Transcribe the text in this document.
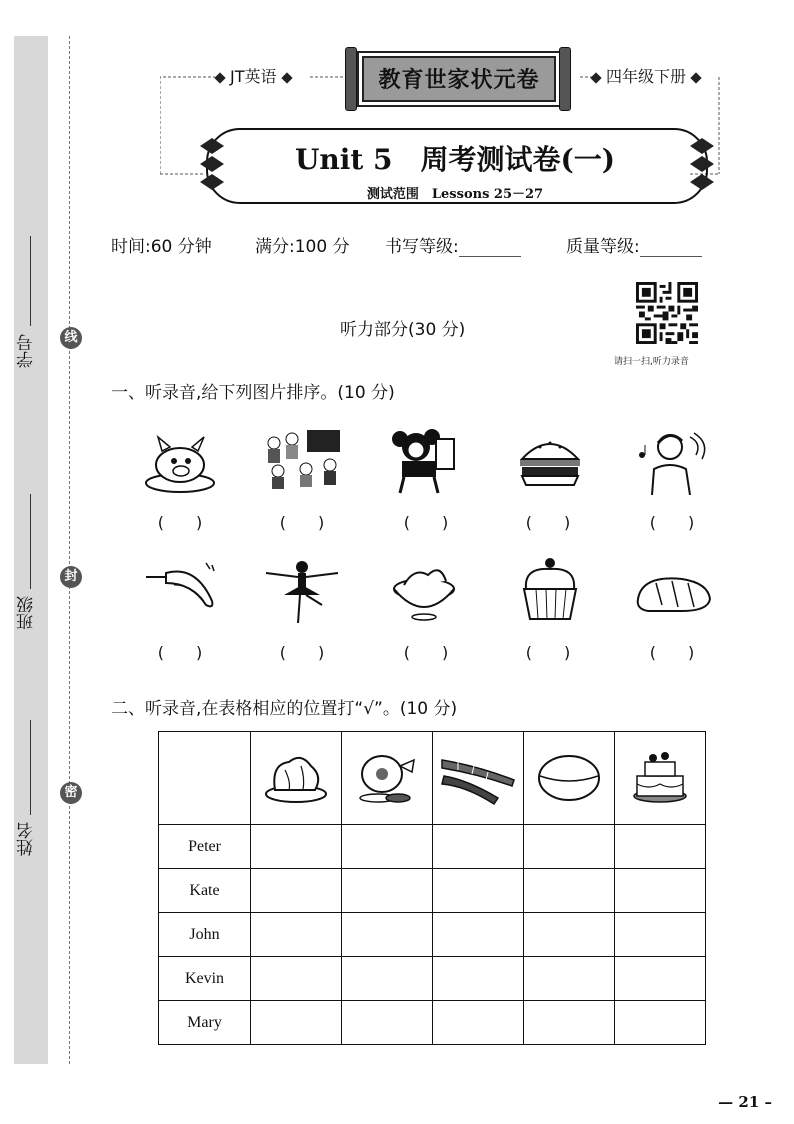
学号
班级
姓名
线
封
密
JT英语	四年级下册
教育世家状元卷
Unit 5　周考测试卷(一)
测试范围　Lessons 25－27
时间:60 分钟	满分:100 分 书写等级:	质量等级:
听力部分(30 分)
请扫一扫,听力录音
一、听录音,给下列图片排序。(10 分)
(　　)	(　　)	(　　)	(　　)	(　　)
(　　)	(　　)	(　　)	(　　)	(　　)
二、听录音,在表格相应的位置打“√”。(10 分)

Peter					
Kate					
John					
Kevin					
Mary					
— 21 –
